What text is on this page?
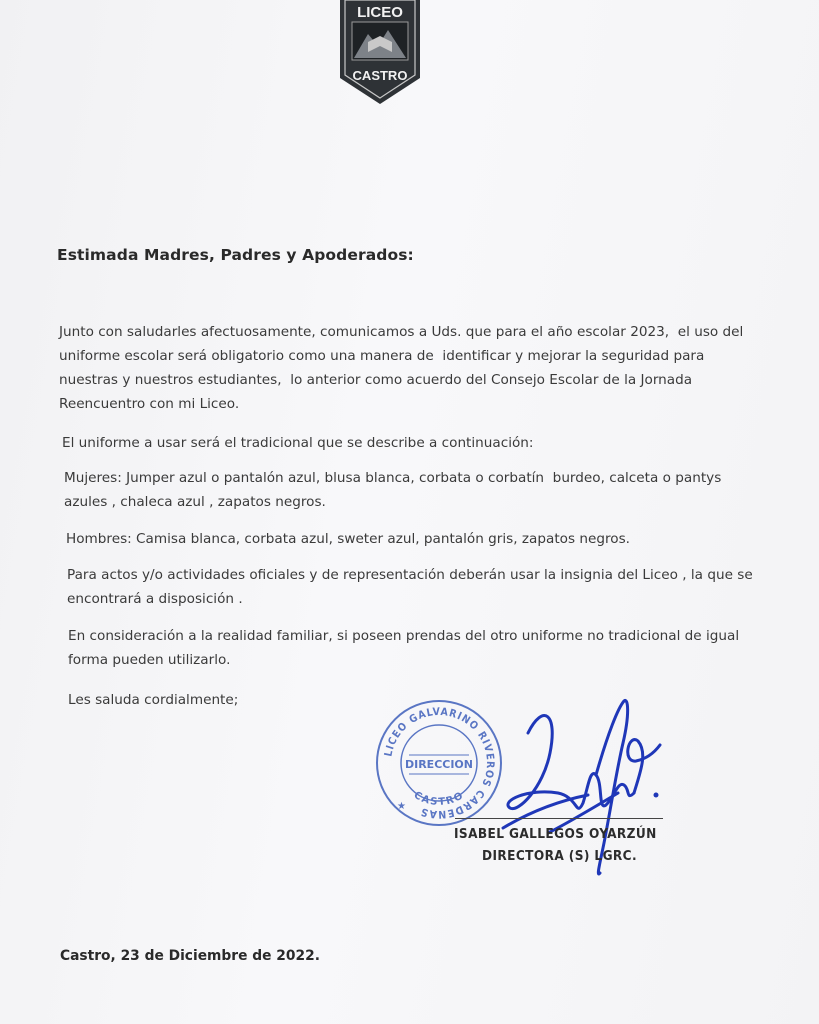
LICEO
CASTRO

Estimada Madres, Padres y Apoderados:

Junto con saludarles afectuosamente, comunicamos a Uds. que para el año escolar 2023,  el uso del uniforme escolar será obligatorio como una manera de  identificar y mejorar la seguridad para nuestras y nuestros estudiantes,  lo anterior como acuerdo del Consejo Escolar de la Jornada Reencuentro con mi Liceo.

El uniforme a usar será el tradicional que se describe a continuación:

Mujeres: Jumper azul o pantalón azul, blusa blanca, corbata o corbatín  burdeo, calceta o pantys azules , chaleca azul , zapatos negros.

Hombres: Camisa blanca, corbata azul, sweter azul, pantalón gris, zapatos negros.

Para actos y/o actividades oficiales y de representación deberán usar la insignia del Liceo , la que se encontrará a disposición .

En consideración a la realidad familiar, si poseen prendas del otro uniforme no tradicional de igual forma pueden utilizarlo.

Les saluda cordialmente;

LICEO GALVARINO RIVEROS CARDENAS
DIRECCION
CASTRO
★

ISABEL GALLEGOS OYARZÚN

DIRECTORA (S) LGRC.

Castro, 23 de Diciembre de 2022.
